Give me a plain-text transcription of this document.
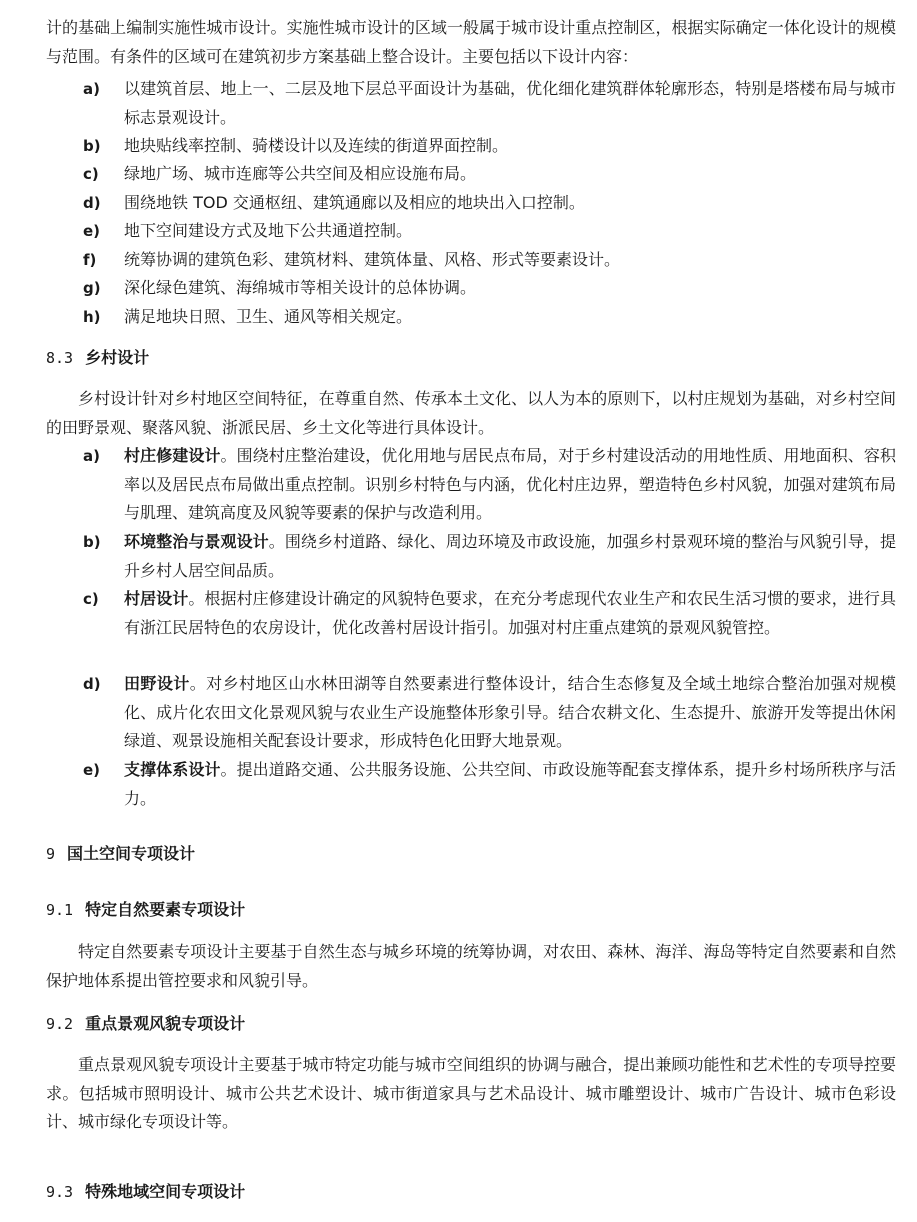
计的基础上编制实施性城市设计。实施性城市设计的区域一般属于城市设计重点控制区，根据实际确定一体化设计的规模与范围。有条件的区域可在建筑初步方案基础上整合设计。主要包括以下设计内容：

a)	以建筑首层、地上一、二层及地下层总平面设计为基础，优化细化建筑群体轮廓形态，特别是塔楼布局与城市标志景观设计。
b)	地块贴线率控制、骑楼设计以及连续的街道界面控制。
c)	绿地广场、城市连廊等公共空间及相应设施布局。
d)	围绕地铁 TOD 交通枢纽、建筑通廊以及相应的地块出入口控制。
e)	地下空间建设方式及地下公共通道控制。
f)	统筹协调的建筑色彩、建筑材料、建筑体量、风格、形式等要素设计。
g)	深化绿色建筑、海绵城市等相关设计的总体协调。
h)	满足地块日照、卫生、通风等相关规定。
8.3 乡村设计

乡村设计针对乡村地区空间特征，在尊重自然、传承本土文化、以人为本的原则下，以村庄规划为基础，对乡村空间的田野景观、聚落风貌、浙派民居、乡土文化等进行具体设计。

a)	村庄修建设计。围绕村庄整治建设，优化用地与居民点布局，对于乡村建设活动的用地性质、用地面积、容积率以及居民点布局做出重点控制。识别乡村特色与内涵，优化村庄边界，塑造特色乡村风貌，加强对建筑布局与肌理、建筑高度及风貌等要素的保护与改造利用。
b)	环境整治与景观设计。围绕乡村道路、绿化、周边环境及市政设施，加强乡村景观环境的整治与风貌引导，提升乡村人居空间品质。
c)	村居设计。根据村庄修建设计确定的风貌特色要求，在充分考虑现代农业生产和农民生活习惯的要求，进行具有浙江民居特色的农房设计，优化改善村居设计指引。加强对村庄重点建筑的景观风貌管控。
d)	田野设计。对乡村地区山水林田湖等自然要素进行整体设计，结合生态修复及全域土地综合整治加强对规模化、成片化农田文化景观风貌与农业生产设施整体形象引导。结合农耕文化、生态提升、旅游开发等提出休闲绿道、观景设施相关配套设计要求，形成特色化田野大地景观。
e)	支撑体系设计。提出道路交通、公共服务设施、公共空间、市政设施等配套支撑体系，提升乡村场所秩序与活力。
9 国土空间专项设计
9.1 特定自然要素专项设计

特定自然要素专项设计主要基于自然生态与城乡环境的统筹协调，对农田、森林、海洋、海岛等特定自然要素和自然保护地体系提出管控要求和风貌引导。

9.2 重点景观风貌专项设计

重点景观风貌专项设计主要基于城市特定功能与城市空间组织的协调与融合，提出兼顾功能性和艺术性的专项导控要求。包括城市照明设计、城市公共艺术设计、城市街道家具与艺术品设计、城市雕塑设计、城市广告设计、城市色彩设计、城市绿化专项设计等。

9.3 特殊地域空间专项设计
